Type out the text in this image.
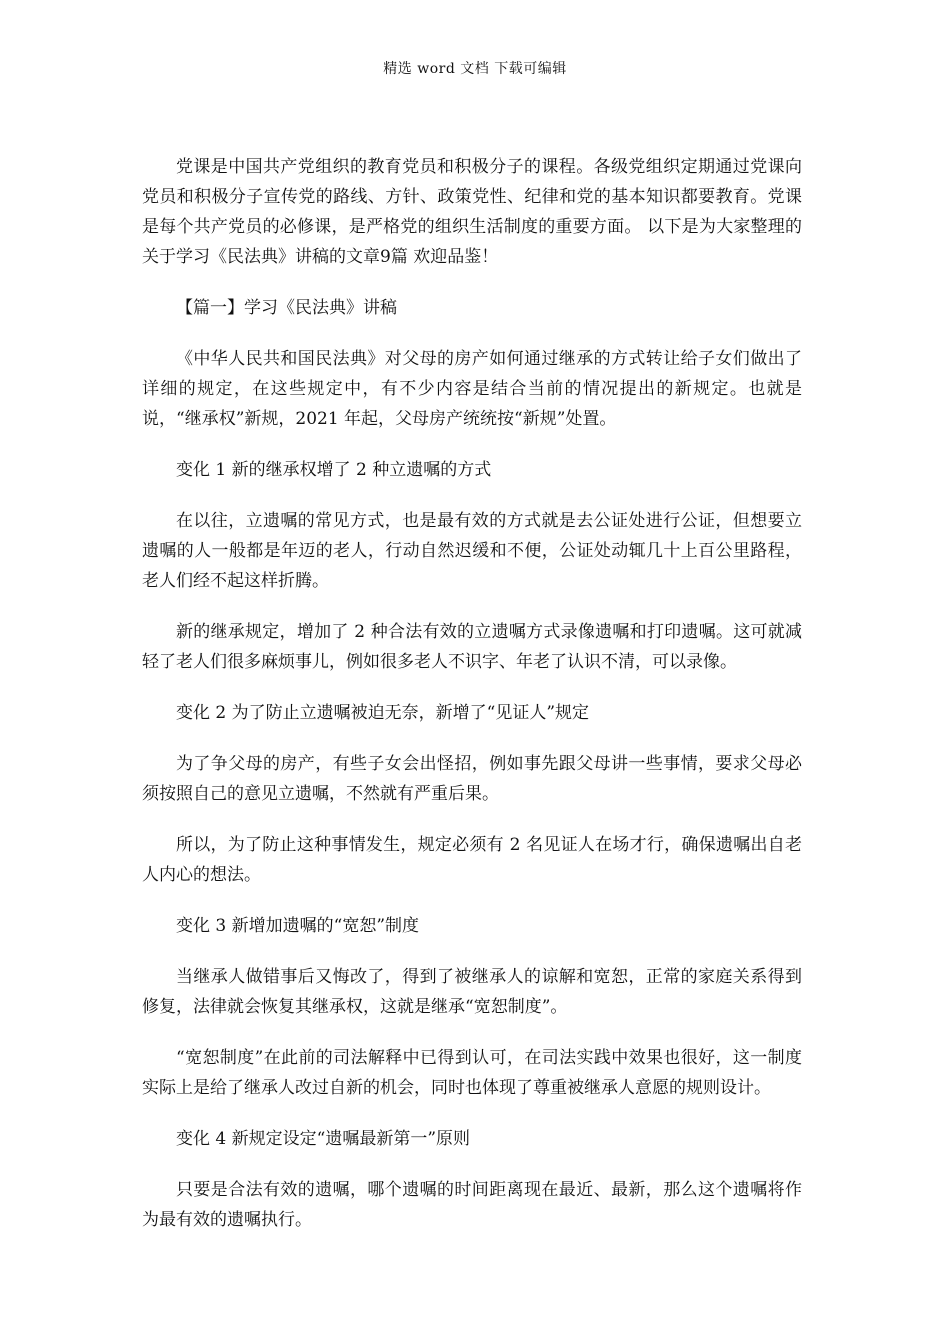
精选 word 文档 下载可编辑

党课是中国共产党组织的教育党员和积极分子的课程。各级党组织定期通过党课向党员和积极分子宣传党的路线、方针、政策党性、纪律和党的基本知识都要教育。党课是每个共产党员的必修课，是严格党的组织生活制度的重要方面。 以下是为大家整理的关于学习《民法典》讲稿的文章9篇 欢迎品鉴！

【篇一】学习《民法典》讲稿

《中华人民共和国民法典》对父母的房产如何通过继承的方式转让给子女们做出了详细的规定，在这些规定中，有不少内容是结合当前的情况提出的新规定。也就是说，“继承权”新规，2021 年起，父母房产统统按“新规”处置。

变化 1 新的继承权增了 2 种立遗嘱的方式

在以往，立遗嘱的常见方式，也是最有效的方式就是去公证处进行公证，但想要立遗嘱的人一般都是年迈的老人，行动自然迟缓和不便，公证处动辄几十上百公里路程，老人们经不起这样折腾。

新的继承规定，增加了 2 种合法有效的立遗嘱方式录像遗嘱和打印遗嘱。这可就减轻了老人们很多麻烦事儿，例如很多老人不识字、年老了认识不清，可以录像。

变化 2 为了防止立遗嘱被迫无奈，新增了“见证人”规定

为了争父母的房产，有些子女会出怪招，例如事先跟父母讲一些事情，要求父母必须按照自己的意见立遗嘱，不然就有严重后果。

所以，为了防止这种事情发生，规定必须有 2 名见证人在场才行，确保遗嘱出自老人内心的想法。

变化 3 新增加遗嘱的“宽恕”制度

当继承人做错事后又悔改了，得到了被继承人的谅解和宽恕，正常的家庭关系得到修复，法律就会恢复其继承权，这就是继承“宽恕制度”。

“宽恕制度”在此前的司法解释中已得到认可，在司法实践中效果也很好，这一制度实际上是给了继承人改过自新的机会，同时也体现了尊重被继承人意愿的规则设计。

变化 4 新规定设定“遗嘱最新第一”原则

只要是合法有效的遗嘱，哪个遗嘱的时间距离现在最近、最新，那么这个遗嘱将作为最有效的遗嘱执行。
